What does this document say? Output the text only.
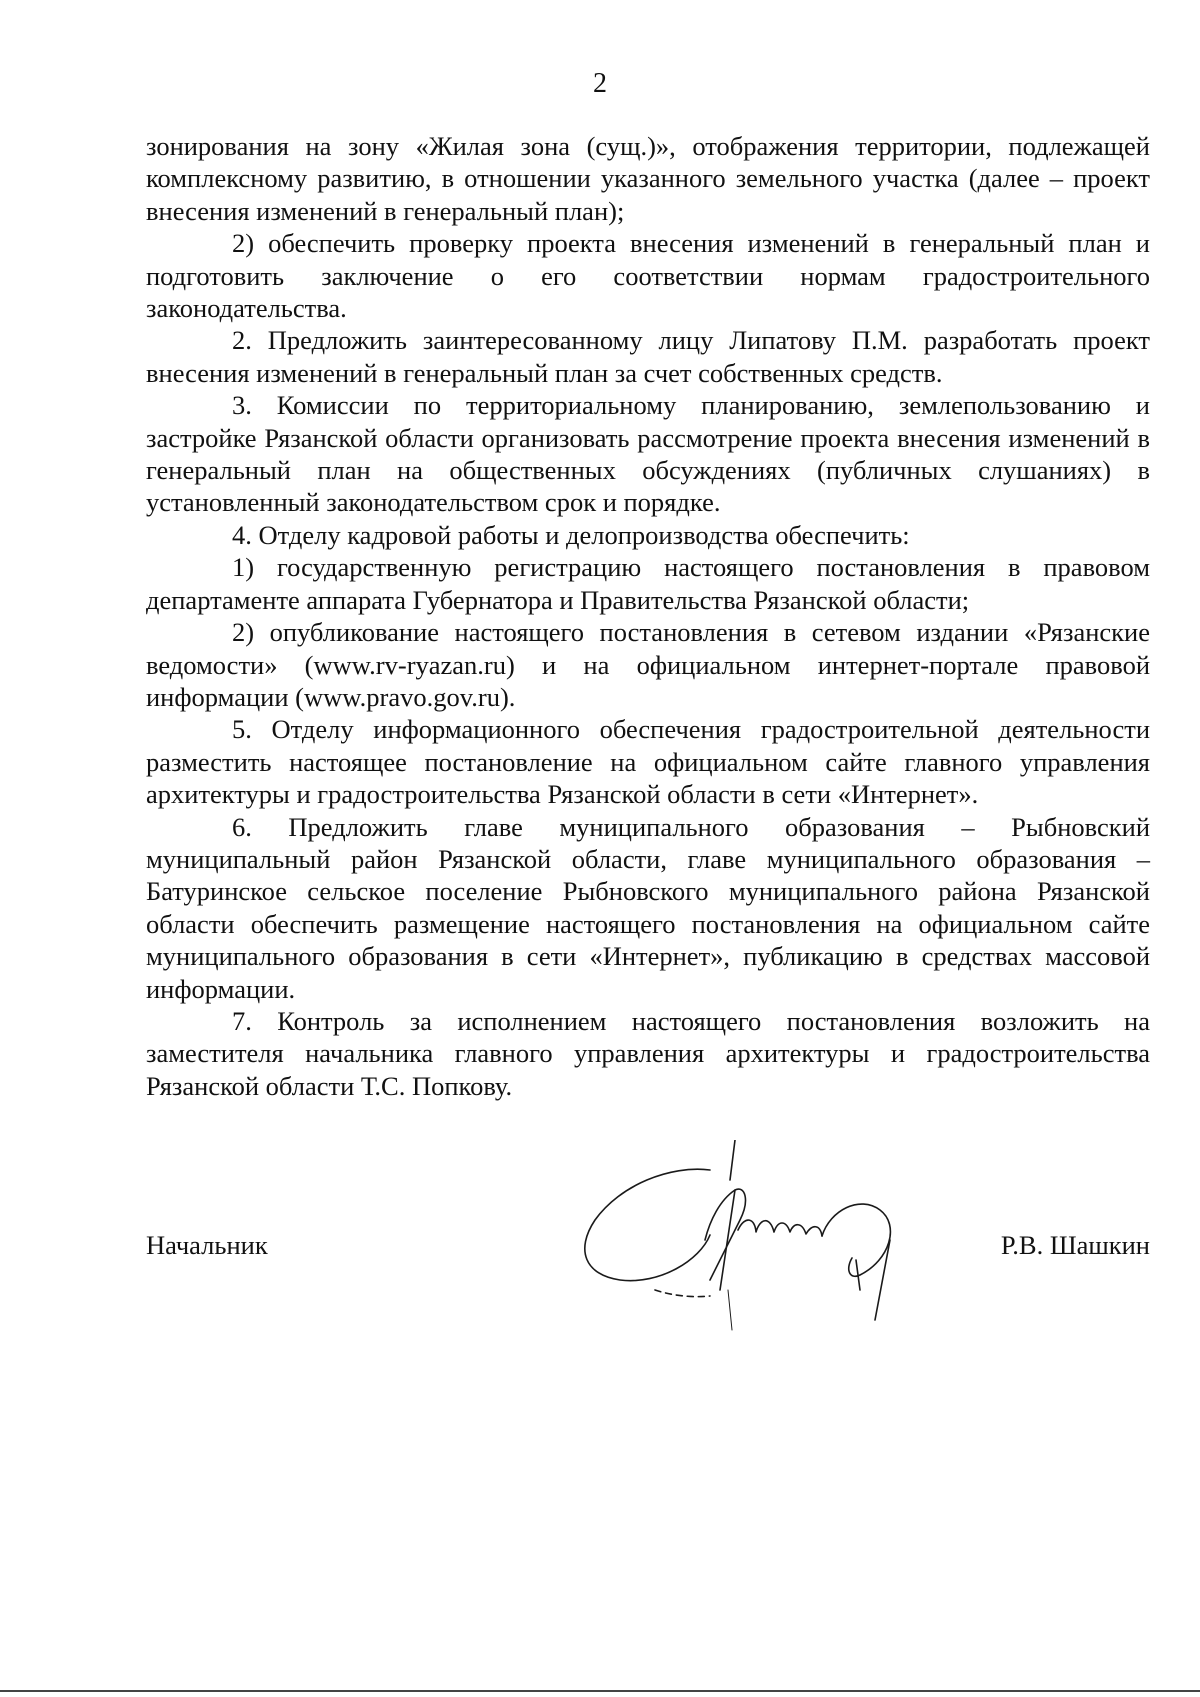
2

зонирования на зону «Жилая зона (сущ.)», отображения территории, подлежащей комплексному развитию, в отношении указанного земельного участка (далее – проект внесения изменений в генеральный план);

2) обеспечить проверку проекта внесения изменений в генеральный план и подготовить заключение о его соответствии нормам градостроительного законодательства.

2. Предложить заинтересованному лицу Липатову П.М. разработать проект внесения изменений в генеральный план за счет собственных средств.

3. Комиссии по территориальному планированию, землепользованию и застройке Рязанской области организовать рассмотрение проекта внесения изменений в генеральный план на общественных обсуждениях (публичных слушаниях) в установленный законодательством срок и порядке.

4. Отделу кадровой работы и делопроизводства обеспечить:

1) государственную регистрацию настоящего постановления в правовом департаменте аппарата Губернатора и Правительства Рязанской области;

2) опубликование настоящего постановления в сетевом издании «Рязанские ведомости» (www.rv-ryazan.ru) и на официальном интернет-портале правовой информации (www.pravo.gov.ru).

5. Отделу информационного обеспечения градостроительной деятельности разместить настоящее постановление на официальном сайте главного управления архитектуры и градостроительства Рязанской области в сети «Интернет».

6. Предложить главе муниципального образования – Рыбновский муниципальный район Рязанской области, главе муниципального образования – Батуринское сельское поселение Рыбновского муниципального района Рязанской области обеспечить размещение настоящего постановления на официальном сайте муниципального образования в сети «Интернет», публикацию в средствах массовой информации.

7. Контроль за исполнением настоящего постановления возложить на заместителя начальника главного управления архитектуры и градостроительства Рязанской области Т.С. Попкову.

Начальник	Р.В. Шашкин
